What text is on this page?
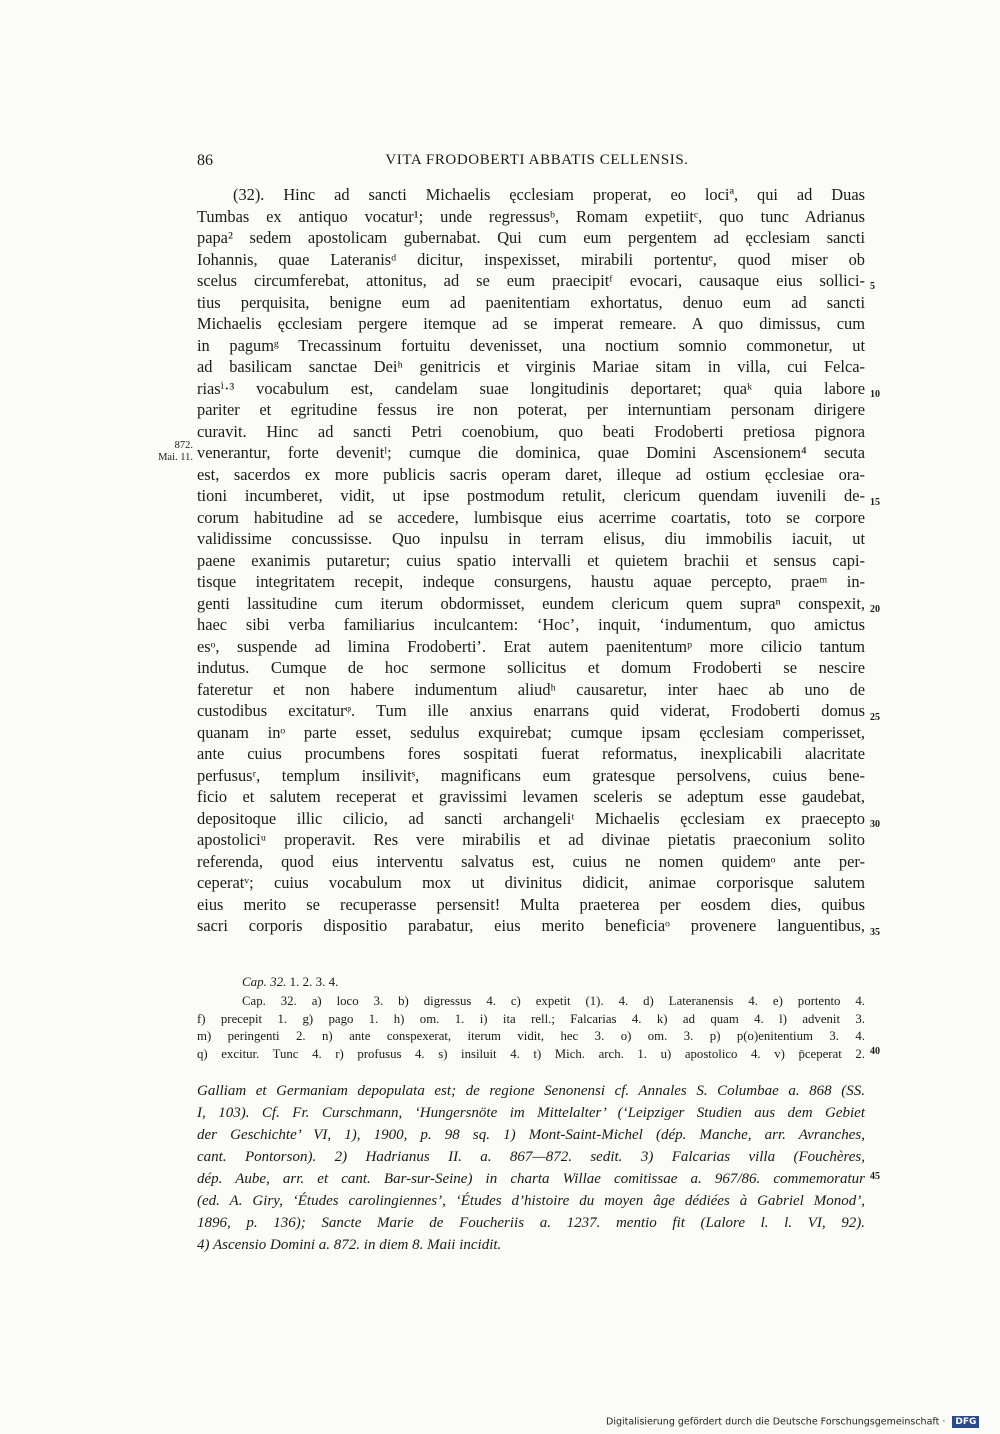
86	VITA FRODOBERTI ABBATIS CELLENSIS.
872.
Mai. 11.
(32). Hinc ad sancti Michaelis ęcclesiam properat, eo lociª, qui ad Duas
Tumbas ex antiquo vocatur¹; unde regressusᵇ, Romam expetiitᶜ, quo tunc Adrianus
papa² sedem apostolicam gubernabat. Qui cum eum pergentem ad ęcclesiam sancti
Iohannis, quae Lateranisᵈ dicitur, inspexisset, mirabili portentuᵉ, quod miser ob
scelus circumferebat, attonitus, ad se eum praecipitᶠ evocari, causaque eius sollici-
tius perquisita, benigne eum ad paenitentiam exhortatus, denuo eum ad sancti
Michaelis ęcclesiam pergere itemque ad se imperat remeare. A quo dimissus, cum
in pagumᵍ Trecassinum fortuitu devenisset, una noctium somnio commonetur, ut
ad basilicam sanctae Deiʰ genitricis et virginis Mariae sitam in villa, cui Felca-
riasⁱ·³ vocabulum est, candelam suae longitudinis deportaret; quaᵏ quia labore
pariter et egritudine fessus ire non poterat, per internuntiam personam dirigere
curavit. Hinc ad sancti Petri coenobium, quo beati Frodoberti pretiosa pignora
venerantur, forte devenitˡ; cumque die dominica, quae Domini Ascensionem⁴ secuta
est, sacerdos ex more publicis sacris operam daret, illeque ad ostium ęcclesiae ora-
tioni incumberet, vidit, ut ipse postmodum retulit, clericum quendam iuvenili de-
corum habitudine ad se accedere, lumbisque eius acerrime coartatis, toto se corpore
validissime concussisse. Quo inpulsu in terram elisus, diu immobilis iacuit, ut
paene exanimis putaretur; cuius spatio intervalli et quietem brachii et sensus capi-
tisque integritatem recepit, indeque consurgens, haustu aquae percepto, praeᵐ in-
genti lassitudine cum iterum obdormisset, eundem clericum quem supraⁿ conspexit,
haec sibi verba familiarius inculcantem: ‘Hoc’, inquit, ‘indumentum, quo amictus
esᵒ, suspende ad limina Frodoberti’. Erat autem paenitentumᵖ more cilicio tantum
indutus. Cumque de hoc sermone sollicitus et domum Frodoberti se nescire
fateretur et non habere indumentum aliudʰ causaretur, inter haec ab uno de
custodibus excitaturᵠ. Tum ille anxius enarrans quid viderat, Frodoberti domus
quanam inᵒ parte esset, sedulus exquirebat; cumque ipsam ęcclesiam comperisset,
ante cuius procumbens fores sospitati fuerat reformatus, inexplicabili alacritate
perfususʳ, templum insilivitˢ, magnificans eum gratesque persolvens, cuius bene-
ficio et salutem receperat et gravissimi levamen sceleris se adeptum esse gaudebat,
depositoque illic cilicio, ad sancti archangeliᵗ Michaelis ęcclesiam ex praecepto
apostoliciᵘ properavit. Res vere mirabilis et ad divinae pietatis praeconium solito
referenda, quod eius interventu salvatus est, cuius ne nomen quidemᵒ ante per-
ceperatᵛ; cuius vocabulum mox ut divinitus didicit, animae corporisque salutem
eius merito se recuperasse persensit! Multa praeterea per eosdem dies, quibus
sacri corporis dispositio parabatur, eius merito beneficiaᵒ provenere languentibus,
5
10
15
20
25
30
35
40
45
Cap. 32. 1. 2. 3. 4.
Cap. 32. a) loco 3. b) digressus 4. c) expetit (1). 4. d) Lateranensis 4. e) portento 4.
f) precepit 1. g) pago 1. h) om. 1. i) ita rell.; Falcarias 4. k) ad quam 4. l) advenit 3.
m) peringenti 2. n) ante conspexerat, iterum vidit, hec 3. o) om. 3. p) p(o)enitentium 3. 4.
q) excitur. Tunc 4. r) profusus 4. s) insiluit 4. t) Mich. arch. 1. u) apostolico 4. v) p̄ceperat 2.
Galliam et Germaniam depopulata est; de regione Senonensi cf. Annales S. Columbae a. 868 (SS.
I, 103). Cf. Fr. Curschmann, ‘Hungersnöte im Mittelalter’ (‘Leipziger Studien aus dem Gebiet
der Geschichte’ VI, 1), 1900, p. 98 sq. 1) Mont-Saint-Michel (dép. Manche, arr. Avranches,
cant. Pontorson). 2) Hadrianus II. a. 867—872. sedit. 3) Falcarias villa (Fouchères,
dép. Aube, arr. et cant. Bar-sur-Seine) in charta Willae comitissae a. 967/86. commemoratur
(ed. A. Giry, ‘Études carolingiennes’, ‘Études d’histoire du moyen âge dédiées à Gabriel Monod’,
1896, p. 136); Sancte Marie de Foucheriis a. 1237. mentio fit (Lalore l. l. VI, 92).
4) Ascensio Domini a. 872. in diem 8. Maii incidit.
Digitalisierung gefördert durch die Deutsche Forschungsgemeinschaft · DFG
